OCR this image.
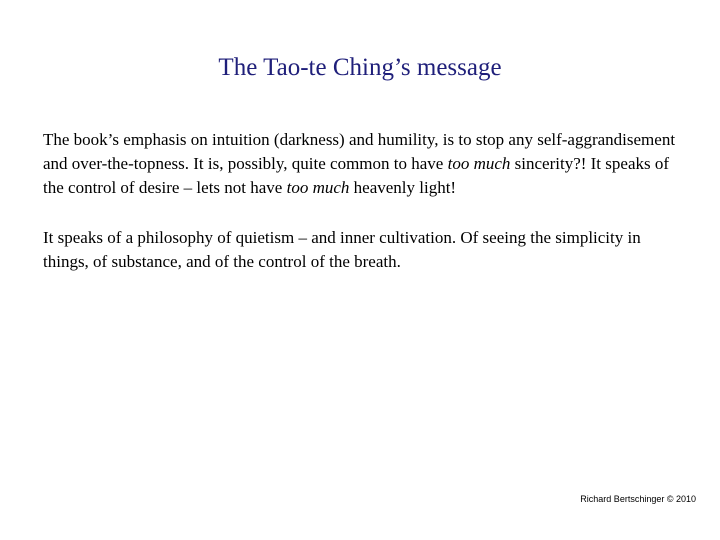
The Tao-te Ching’s message

The book’s emphasis on intuition (darkness) and humility, is to stop any self-aggrandisement and over-the-topness. It is, possibly, quite common to have too much sincerity?! It speaks of the control of desire – lets not have too much heavenly light!

It speaks of a philosophy of quietism – and inner cultivation. Of seeing the simplicity in things, of substance, and of the control of the breath.

Richard Bertschinger © 2010
